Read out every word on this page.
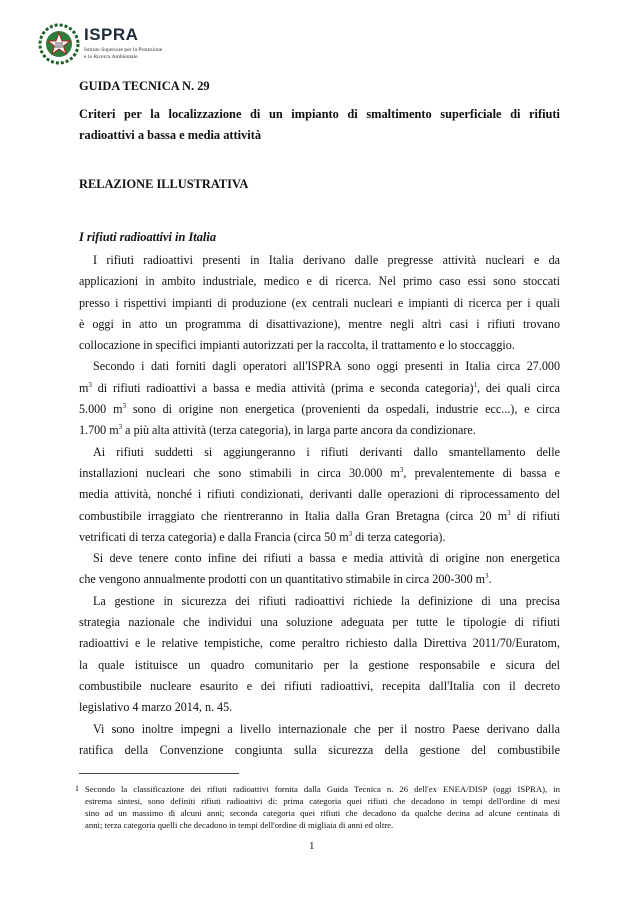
ISPRA
Istituto Superiore per la Protezione
e la Ricerca Ambientale
GUIDA TECNICA N. 29
Criteri per la localizzazione di un impianto di smaltimento superficiale di rifiuti
radioattivi a bassa e media attività
RELAZIONE ILLUSTRATIVA
I rifiuti radioattivi in Italia

I rifiuti radioattivi presenti in Italia derivano dalle pregresse attività nucleari e da
applicazioni in ambito industriale, medico e di ricerca. Nel primo caso essi sono stoccati
presso i rispettivi impianti di produzione (ex centrali nucleari e impianti di ricerca per i quali
è oggi in atto un programma di disattivazione), mentre negli altri casi i rifiuti trovano
collocazione in specifici impianti autorizzati per la raccolta, il trattamento e lo stoccaggio.

Secondo i dati forniti dagli operatori all'ISPRA sono oggi presenti in Italia circa 27.000
$m^3$ di rifiuti radioattivi a bassa e media attività (prima e seconda categoria)$^1$, dei quali circa
5.000 $m^3$ sono di origine non energetica (provenienti da ospedali, industrie ecc...), e circa
1.700 $m^3$ a più alta attività (terza categoria), in larga parte ancora da condizionare.

Ai rifiuti suddetti si aggiungeranno i rifiuti derivanti dallo smantellamento delle
installazioni nucleari che sono stimabili in circa 30.000 $m^3$, prevalentemente di bassa e
media attività, nonché i rifiuti condizionati, derivanti dalle operazioni di riprocessamento del
combustibile irraggiato che rientreranno in Italia dalla Gran Bretagna (circa 20 $m^3$ di rifiuti
vetrificati di terza categoria) e dalla Francia (circa 50 $m^3$ di terza categoria).

Si deve tenere conto infine dei rifiuti a bassa e media attività di origine non energetica
che vengono annualmente prodotti con un quantitativo stimabile in circa 200-300 $m^3$.

La gestione in sicurezza dei rifiuti radioattivi richiede la definizione di una precisa
strategia nazionale che individui una soluzione adeguata per tutte le tipologie di rifiuti
radioattivi e le relative tempistiche, come peraltro richiesto dalla Direttiva 2011/70/Euratom,
la quale istituisce un quadro comunitario per la gestione responsabile e sicura del
combustibile nucleare esaurito e dei rifiuti radioattivi, recepita dall'Italia con il decreto
legislativo 4 marzo 2014, n. 45.

Vi sono inoltre impegni a livello internazionale che per il nostro Paese derivano dalla
ratifica della Convenzione congiunta sulla sicurezza della gestione del combustibile

1 Secondo la classificazione dei rifiuti radioattivi fornita dalla Guida Tecnica n. 26 dell'ex ENEA/DISP (oggi ISPRA), in
estrema sintesi, sono definiti rifiuti radioattivi di: prima categoria quei rifiuti che decadono in tempi dell'ordine di mesi
sino ad un massimo di alcuni anni; seconda categoria quei rifiuti che decadono da qualche decina ad alcune centinaia di
anni; terza categoria quelli che decadono in tempi dell'ordine di migliaia di anni ed oltre.
1
